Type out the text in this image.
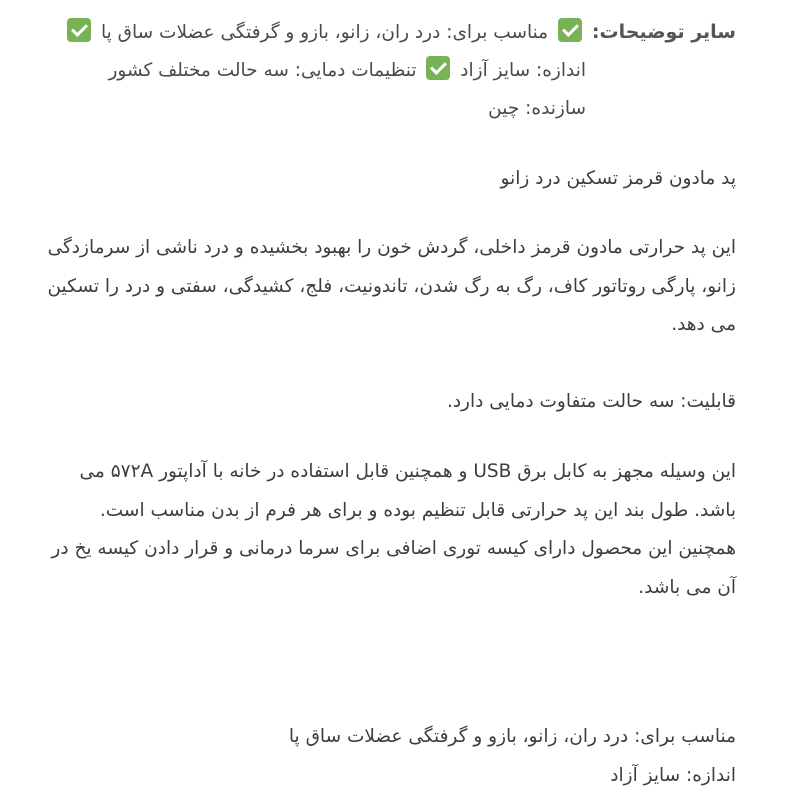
سایر توضیحات:
مناسب برای: درد ران، زانو، بازو و گرفتگی عضلات ساق پا  اندازه: سایز آزاد  تنظیمات دمایی: سه حالت مختلف کشور سازنده: چین

پد مادون قرمز تسکین درد زانو

این پد حرارتی مادون قرمز داخلی، گردش خون را بهبود بخشیده و درد ناشی از سرمازدگی زانو، پارگی روتاتور کاف، رگ به رگ شدن، تاندونیت، فلج، کشیدگی، سفتی و درد را تسکین می دهد.

قابلیت: سه حالت متفاوت دمایی دارد.

این وسیله مجهز به کابل برق USB و همچنین قابل استفاده در خانه با آداپتور ۵۷۲A می باشد. طول بند این پد حرارتی قابل تنظیم بوده و برای هر فرم از بدن مناسب است. همچنین این محصول دارای کیسه توری اضافی برای سرما درمانی و قرار دادن کیسه یخ در آن می باشد.

مناسب برای: درد ران، زانو، بازو و گرفتگی عضلات ساق پا

اندازه: سایز آزاد
